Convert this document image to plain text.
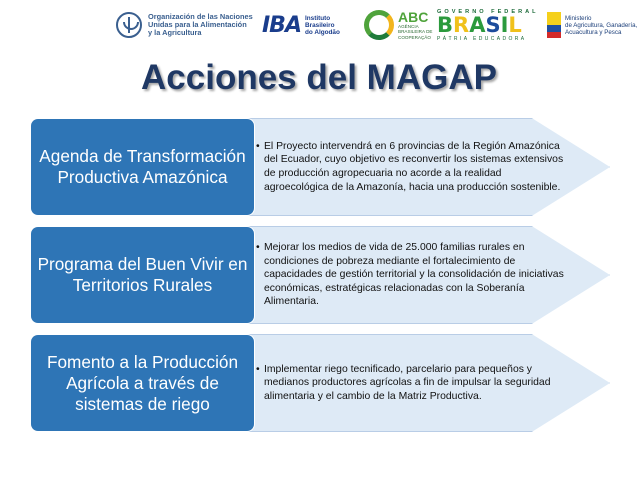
Organización de las Naciones
Unidas para la Alimentación
y la Agricultura	IBA Instituto
Brasileiro
do Algodão
ABC
AGÊNCIA
BRASILEIRA DE
COOPERAÇÃO
GOVERNO FEDERAL
B R A S I L
PÁTRIA EDUCADORA
Ministerio
de Agricultura, Ganadería,
Acuacultura y Pesca
Acciones del MAGAP
• El Proyecto intervendrá en 6 provincias de la Región Amazónica del Ecuador, cuyo objetivo es reconvertir los sistemas extensivos de producción agropecuaria no acorde a la realidad agroecológica de la Amazonía, hacia una producción sostenible.
Agenda de Transformación Productiva Amazónica
• Mejorar los medios de vida de 25.000 familias rurales en condiciones de pobreza mediante el fortalecimiento de capacidades de gestión territorial y la consolidación de iniciativas económicas, estratégicas relacionadas con la Soberanía Alimentaria.
Programa del Buen Vivir en Territorios Rurales
• Implementar riego tecnificado, parcelario para pequeños y medianos productores agrícolas a fin de impulsar la seguridad alimentaria y el cambio de la Matriz Productiva.
Fomento a la Producción Agrícola a través de sistemas de riego
